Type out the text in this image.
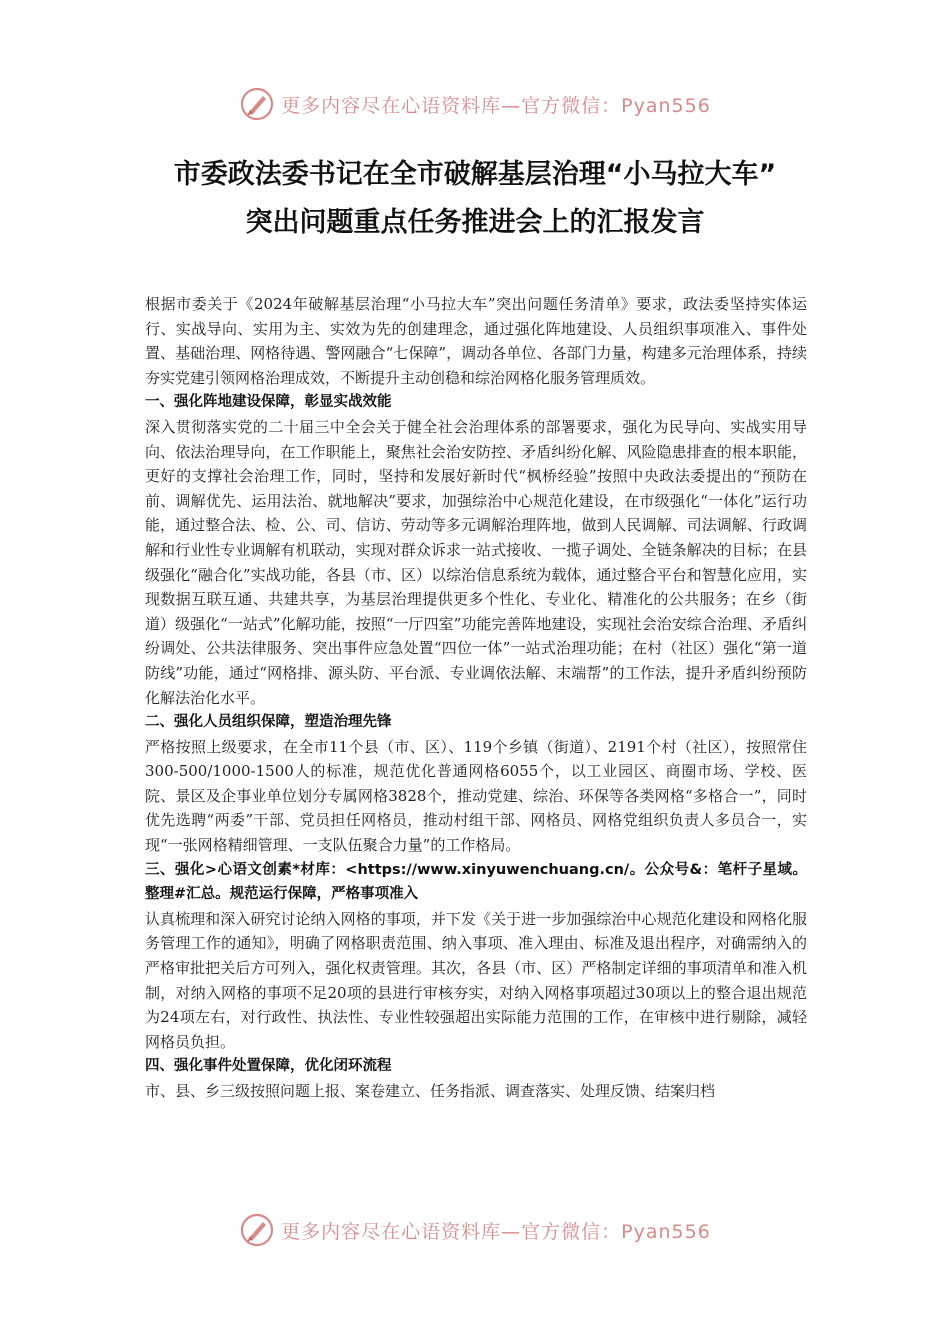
更多内容尽在心语资料库—官方微信：Pyan556
市委政法委书记在全市破解基层治理“小马拉大车”
突出问题重点任务推进会上的汇报发言

根据市委关于《2024年破解基层治理“小马拉大车”突出问题任务清单》要求，政法委坚持实体运行、实战导向、实用为主、实效为先的创建理念，通过强化阵地建设、人员组织事项准入、事件处置、基础治理、网格待遇、警网融合“七保障”，调动各单位、各部门力量，构建多元治理体系，持续夯实党建引领网格治理成效，不断提升主动创稳和综治网格化服务管理质效。

一、强化阵地建设保障，彰显实战效能

深入贯彻落实党的二十届三中全会关于健全社会治理体系的部署要求，强化为民导向、实战实用导向、依法治理导向，在工作职能上，聚焦社会治安防控、矛盾纠纷化解、风险隐患排查的根本职能，更好的支撑社会治理工作，同时，坚持和发展好新时代“枫桥经验”按照中央政法委提出的“预防在前、调解优先、运用法治、就地解决”要求，加强综治中心规范化建设，在市级强化“一体化”运行功能，通过整合法、检、公、司、信访、劳动等多元调解治理阵地，做到人民调解、司法调解、行政调解和行业性专业调解有机联动，实现对群众诉求一站式接收、一揽子调处、全链条解决的目标；在县级强化“融合化”实战功能，各县（市、区）以综治信息系统为载体，通过整合平台和智慧化应用，实现数据互联互通、共建共享，为基层治理提供更多个性化、专业化、精准化的公共服务；在乡（街道）级强化“一站式”化解功能，按照“一厅四室”功能完善阵地建设，实现社会治安综合治理、矛盾纠纷调处、公共法律服务、突出事件应急处置“四位一体”一站式治理功能；在村（社区）强化“第一道防线”功能，通过“网格排、源头防、平台派、专业调依法解、末端帮”的工作法，提升矛盾纠纷预防化解法治化水平。

二、强化人员组织保障，塑造治理先锋

严格按照上级要求，在全市11个县（市、区）、119个乡镇（街道）、2191个村（社区），按照常住300-500/1000-1500人的标准，规范优化普通网格6055个，以工业园区、商圈市场、学校、医院、景区及企事业单位划分专属网格3828个，推动党建、综治、环保等各类网格“多格合一”，同时优先选聘“两委”干部、党员担任网格员，推动村组干部、网格员、网格党组织负责人多员合一，实现“一张网格精细管理、一支队伍聚合力量”的工作格局。

三、强化>心语文创素*材库：<https://www.xinyuwenchuang.cn/。公众号&：笔杆子星域。整理#汇总。规范运行保障，严格事项准入

认真梳理和深入研究讨论纳入网格的事项，并下发《关于进一步加强综治中心规范化建设和网格化服务管理工作的通知》，明确了网格职责范围、纳入事项、准入理由、标准及退出程序，对确需纳入的严格审批把关后方可列入，强化权责管理。其次，各县（市、区）严格制定详细的事项清单和准入机制，对纳入网格的事项不足20项的县进行审核夯实，对纳入网格事项超过30项以上的整合退出规范为24项左右，对行政性、执法性、专业性较强超出实际能力范围的工作，在审核中进行剔除，减轻网格员负担。

四、强化事件处置保障，优化闭环流程

市、县、乡三级按照问题上报、案卷建立、任务指派、调查落实、处理反馈、结案归档

更多内容尽在心语资料库—官方微信：Pyan556
